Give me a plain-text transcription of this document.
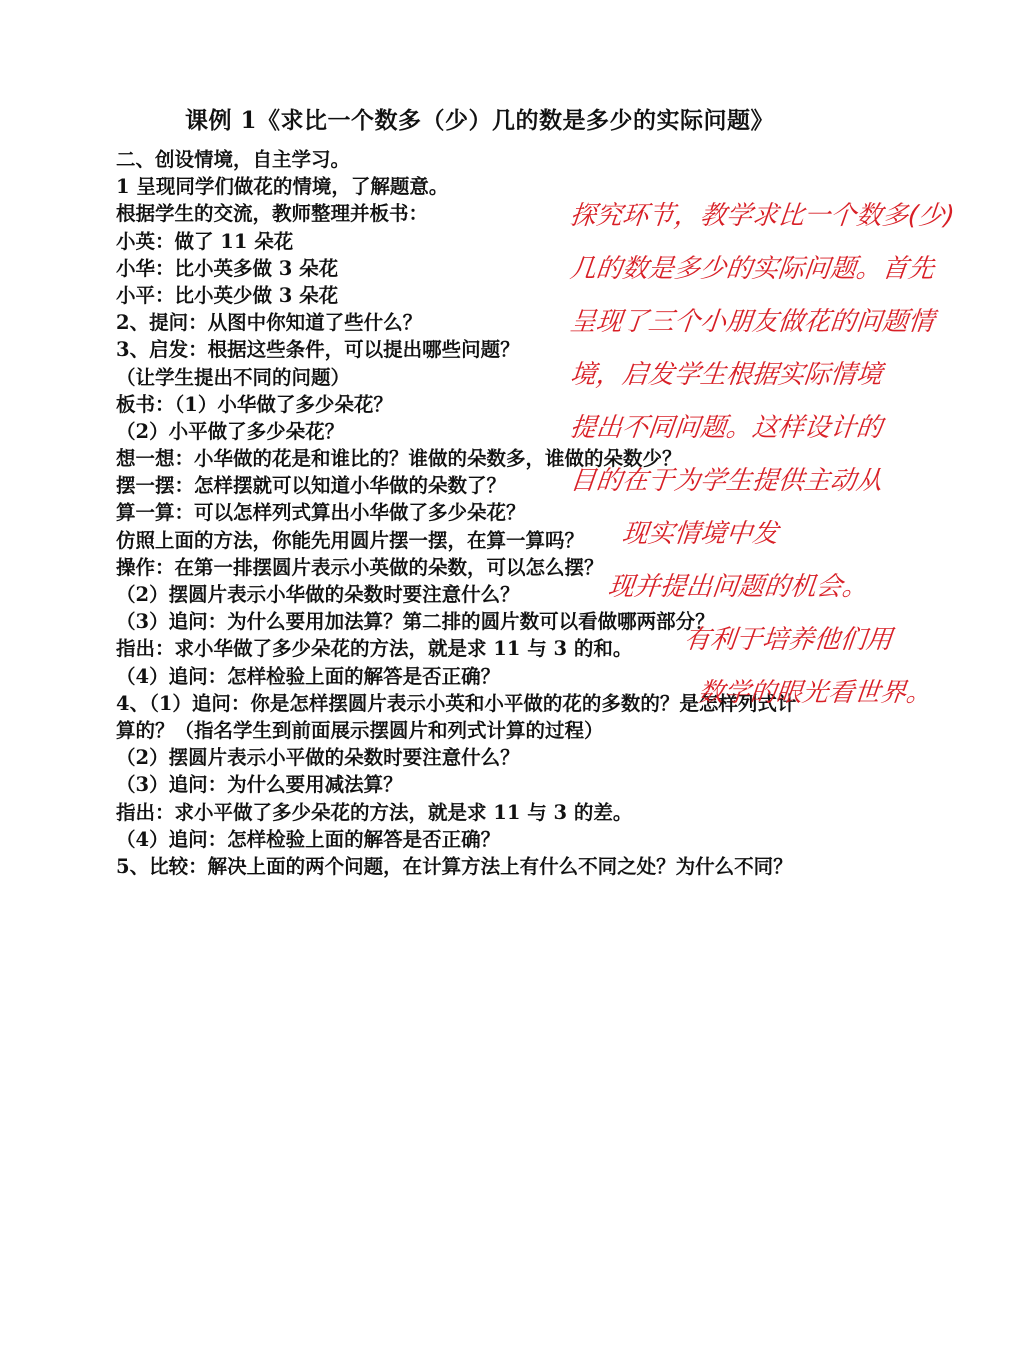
课例 1《求比一个数多（少）几的数是多少的实际问题》
二、创设情境，自主学习。
1 呈现同学们做花的情境，了解题意。
根据学生的交流，教师整理并板书：
小英：做了 11 朵花
小华：比小英多做 3 朵花
小平：比小英少做 3 朵花
2、提问：从图中你知道了些什么？
3、启发：根据这些条件，可以提出哪些问题？
（让学生提出不同的问题）
板书：（1）小华做了多少朵花？
（2）小平做了多少朵花？
想一想：小华做的花是和谁比的？谁做的朵数多，谁做的朵数少？
摆一摆：怎样摆就可以知道小华做的朵数了？
算一算：可以怎样列式算出小华做了多少朵花？
仿照上面的方法，你能先用圆片摆一摆，在算一算吗？
操作：在第一排摆圆片表示小英做的朵数，可以怎么摆？
（2）摆圆片表示小华做的朵数时要注意什么？
（3）追问：为什么要用加法算？第二排的圆片数可以看做哪两部分？
指出：求小华做了多少朵花的方法，就是求 11 与 3 的和。
（4）追问：怎样检验上面的解答是否正确？
4、（1）追问：你是怎样摆圆片表示小英和小平做的花的多数的？是怎样列式计
算的？（指名学生到前面展示摆圆片和列式计算的过程）
（2）摆圆片表示小平做的朵数时要注意什么？
（3）追问：为什么要用减法算？
指出：求小平做了多少朵花的方法，就是求 11 与 3 的差。
（4）追问：怎样检验上面的解答是否正确？
5、比较：解决上面的两个问题，在计算方法上有什么不同之处？为什么不同？
探究环节，教学求比一个数多(少)
几的数是多少的实际问题。首先
呈现了三个小朋友做花的问题情
境，启发学生根据实际情境
提出不同问题。这样设计的
目的在于为学生提供主动从
现实情境中发
现并提出问题的机会。
有利于培养他们用
数学的眼光看世界。
